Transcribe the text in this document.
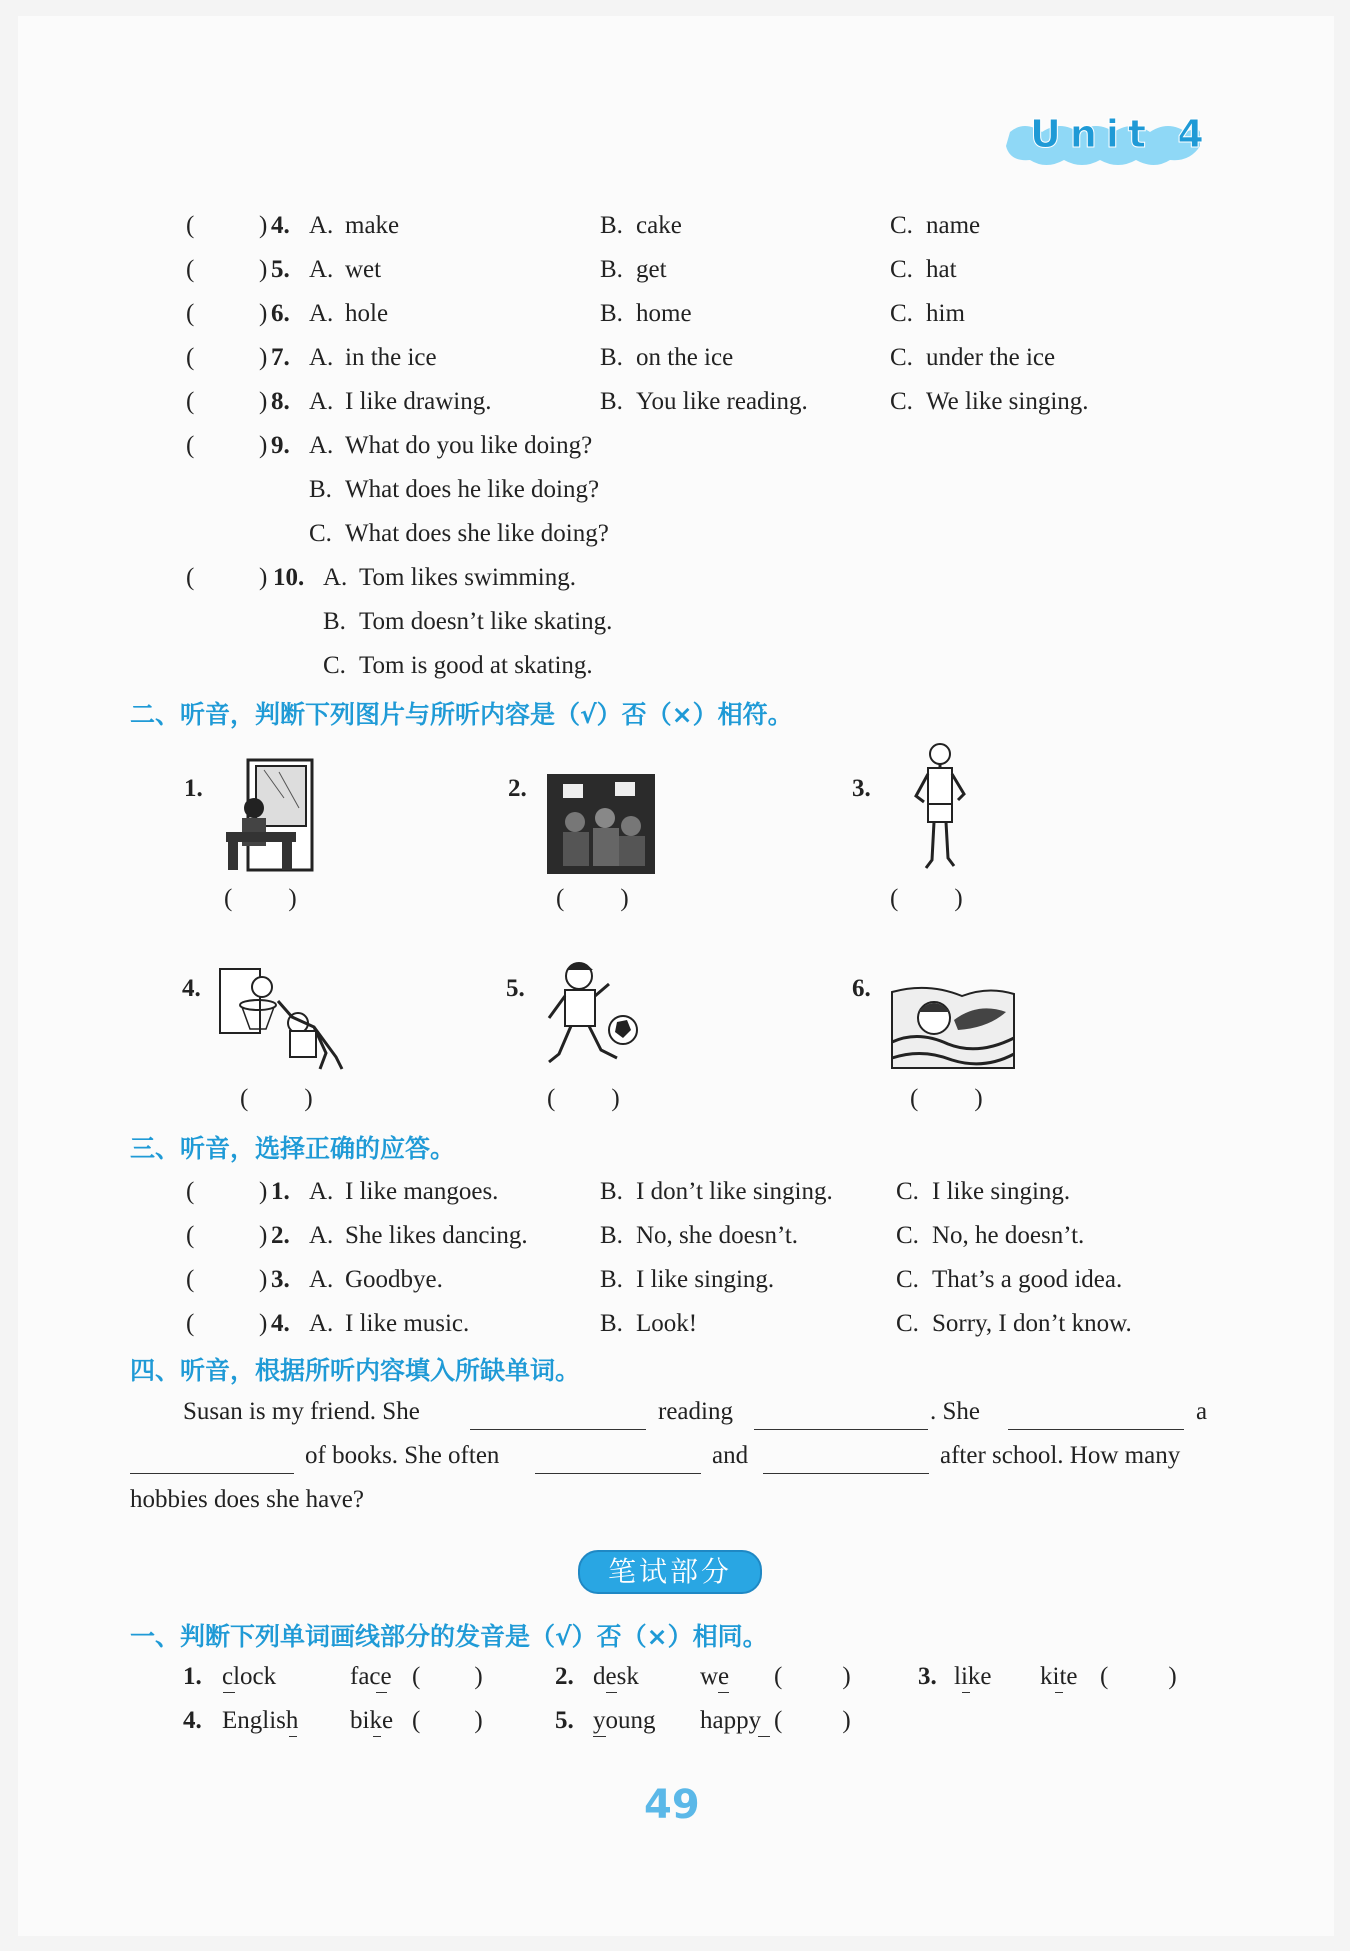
Unit 4
(	) 4. A. make	B. cake	C. name
(	) 5. A. wet	B. get	C. hat
(	) 6. A. hole	B. home	C. him
(	) 7. A. in the ice	B. on the ice	C. under the ice
(	) 8. A. I like drawing.	B. You like reading.	C. We like singing.
(	) 9. A. What do you like doing?
B. What does he like doing?
C. What does she like doing?
(	) 10. A. Tom likes swimming.
B. Tom doesn’t like skating.
C. Tom is good at skating.
二、听音，判断下列图片与所听内容是（√）否（×）相符。
1.
( )
2.
( )
3.
( )
4.
( )
5.
( )
6.
( )
三、听音，选择正确的应答。
(	) 1. A. I like mangoes.	B. I don’t like singing.	C. I like singing.
(	) 2. A. She likes dancing.	B. No, she doesn’t.	C. No, he doesn’t.
(	) 3. A. Goodbye.	B. I like singing.	C. That’s a good idea.
(	) 4. A. I like music.	B. Look!	C. Sorry, I don’t know.
四、听音，根据所听内容填入所缺单词。
Susan is my friend. She	reading	. She	a
of books. She often	and	after school. How many
hobbies does she have?
笔试部分
一、判断下列单词画线部分的发音是（√）否（×）相同。
1. clock	face ( )	2. desk we ( )	3. like kite ( )
4. English bike ( )	5. young happy ( )
49
